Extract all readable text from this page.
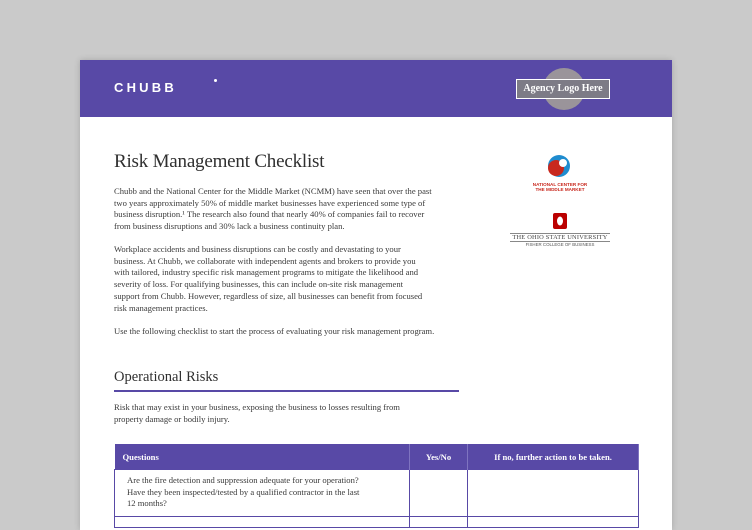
CHUBB	Agency Logo Here
Risk Management Checklist

Chubb and the National Center for the Middle Market (NCMM) have seen that over the past
two years approximately 50% of middle market businesses have experienced some type of
business disruption.¹ The research also found that nearly 40% of companies fail to recover
from business disruptions and 30% lack a business continuity plan.

Workplace accidents and business disruptions can be costly and devastating to your
business. At Chubb, we collaborate with independent agents and brokers to provide you
with tailored, industry specific risk management programs to mitigate the likelihood and
severity of loss. For qualifying businesses, this can include on-site risk management
support from Chubb. However, regardless of size, all businesses can benefit from focused
risk management practices.

Use the following checklist to start the process of evaluating your risk management program.

NATIONAL CENTER FOR
THE MIDDLE MARKET
THE OHIO STATE UNIVERSITY
FISHER COLLEGE OF BUSINESS
Operational Risks

Risk that may exist in your business, exposing the business to losses resulting from
property damage or bodily injury.

Questions	Yes/No	If no, further action to be taken.
Are the fire detection and suppression adequate for your operation?
Have they been inspected/tested by a qualified contractor in the last
12 months?		
